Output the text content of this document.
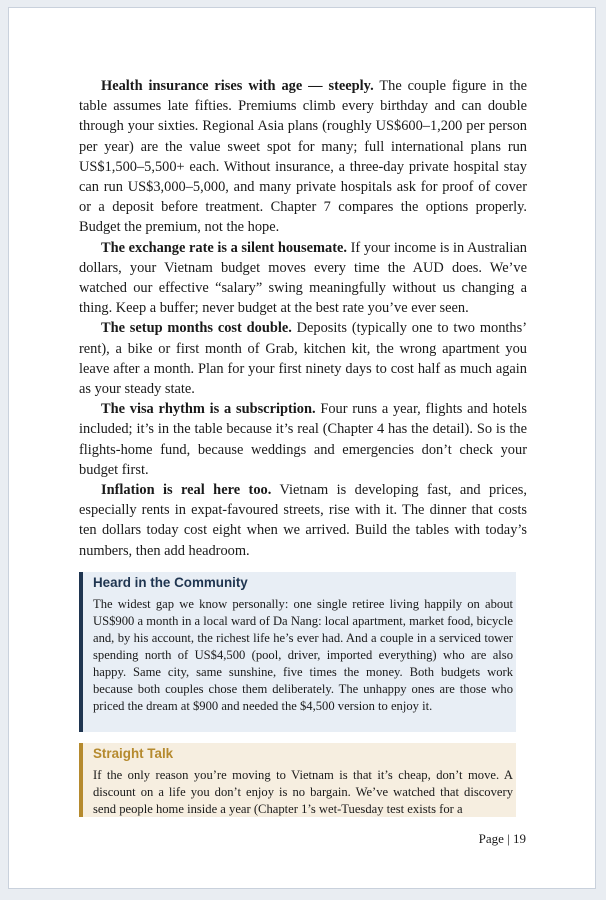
Health insurance rises with age — steeply. The couple figure in the table assumes late fifties. Premiums climb every birthday and can double through your sixties. Regional Asia plans (roughly US$600–1,200 per person per year) are the value sweet spot for many; full international plans run US$1,500–5,500+ each. Without insurance, a three-day private hospital stay can run US$3,000–5,000, and many private hospitals ask for proof of cover or a deposit before treatment. Chapter 7 compares the options properly. Budget the premium, not the hope.

The exchange rate is a silent housemate. If your income is in Australian dollars, your Vietnam budget moves every time the AUD does. We’ve watched our effective “salary” swing meaningfully without us changing a thing. Keep a buffer; never budget at the best rate you’ve ever seen.

The setup months cost double. Deposits (typically one to two months’ rent), a bike or first month of Grab, kitchen kit, the wrong apartment you leave after a month. Plan for your first ninety days to cost half as much again as your steady state.

The visa rhythm is a subscription. Four runs a year, flights and hotels included; it’s in the table because it’s real (Chapter 4 has the detail). So is the flights-home fund, because weddings and emergencies don’t check your budget first.

Inflation is real here too. Vietnam is developing fast, and prices, especially rents in expat-favoured streets, rise with it. The dinner that costs ten dollars today cost eight when we arrived. Build the tables with today’s numbers, then add headroom.

Heard in the Community

The widest gap we know personally: one single retiree living happily on about US$900 a month in a local ward of Da Nang: local apartment, market food, bicycle and, by his account, the richest life he’s ever had. And a couple in a serviced tower spending north of US$4,500 (pool, driver, imported everything) who are also happy. Same city, same sunshine, five times the money. Both budgets work because both couples chose them deliberately. The unhappy ones are those who priced the dream at $900 and needed the $4,500 version to enjoy it.

Straight Talk

If the only reason you’re moving to Vietnam is that it’s cheap, don’t move. A discount on a life you don’t enjoy is no bargain. We’ve watched that discovery send people home inside a year (Chapter 1’s wet-Tuesday test exists for a

Page | 19
